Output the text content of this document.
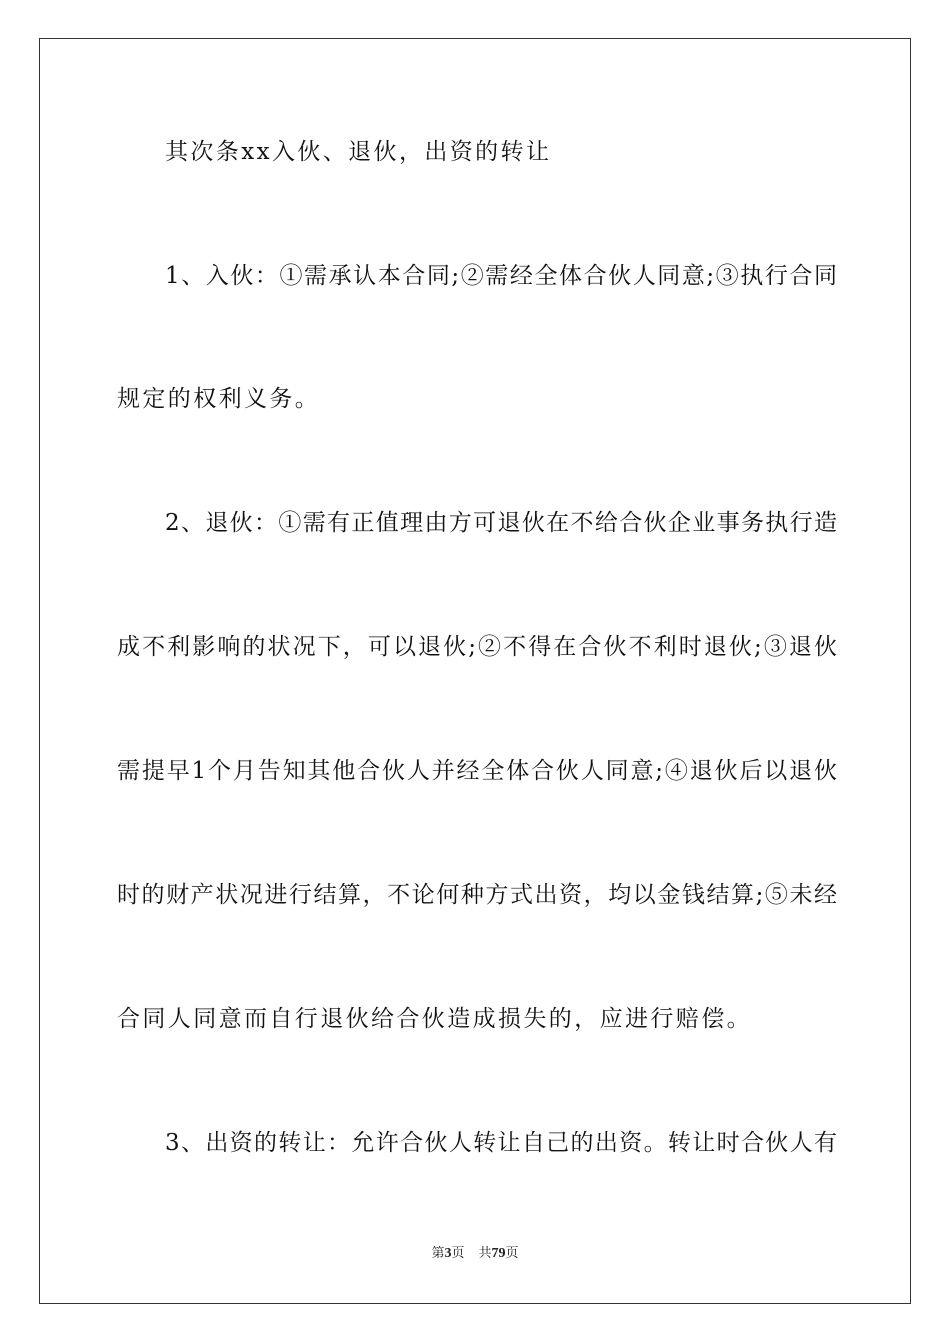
其次条xx入伙、退伙，出资的转让
1、入伙：①需承认本合同;②需经全体合伙人同意;③执行合同
规定的权利义务。
2、退伙：①需有正值理由方可退伙在不给合伙企业事务执行造
成不利影响的状况下，可以退伙;②不得在合伙不利时退伙;③退伙
需提早1个月告知其他合伙人并经全体合伙人同意;④退伙后以退伙
时的财产状况进行结算，不论何种方式出资，均以金钱结算;⑤未经
合同人同意而自行退伙给合伙造成损失的，应进行赔偿。
3、出资的转让：允许合伙人转让自己的出资。转让时合伙人有
第3页 共79页
